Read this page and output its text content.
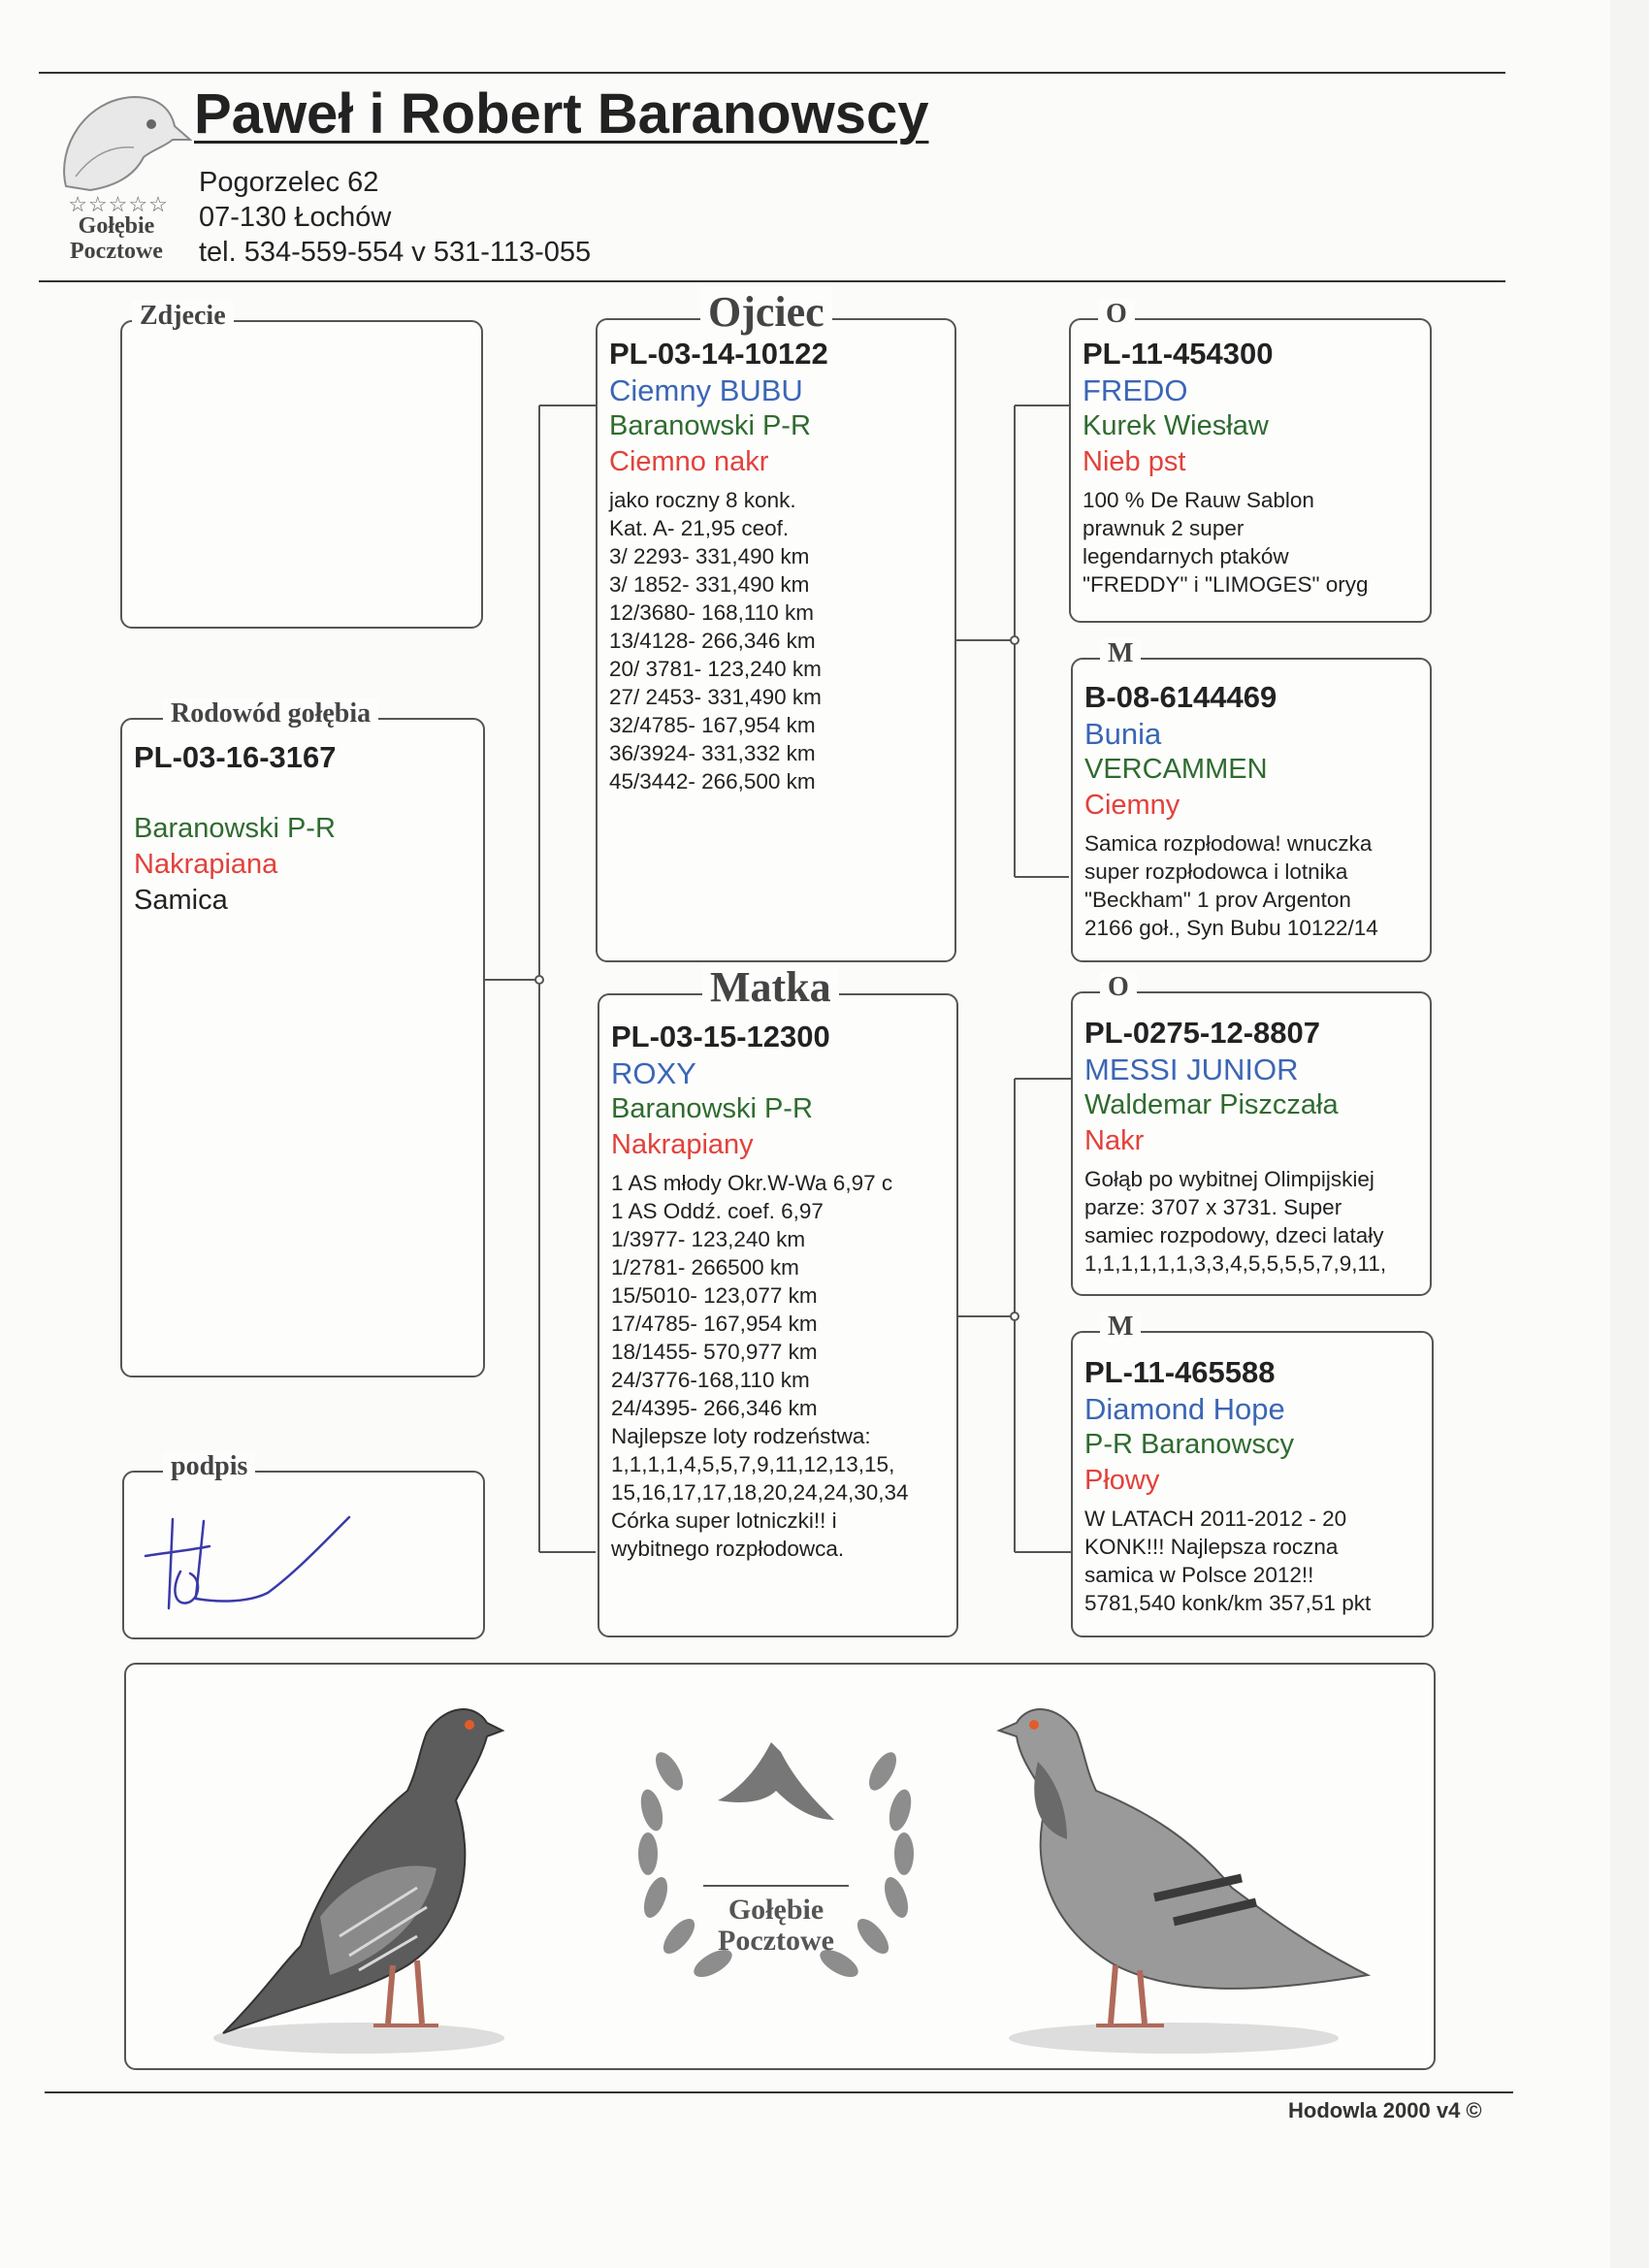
☆☆☆☆☆
Gołębie
Pocztowe
Paweł i Robert Baranowscy
Pogorzelec 62
07-130 Łochów
tel. 534-559-554 v 531-113-055
Zdjecie
Rodowód gołębia
PL-03-16-3167
Baranowski P-R
Nakrapiana
Samica
podpis
Ojciec
PL-03-14-10122
Ciemny BUBU
Baranowski P-R
Ciemno nakr
jako roczny 8 konk.
Kat. A- 21,95 ceof.
3/ 2293- 331,490 km
3/ 1852- 331,490 km
12/3680- 168,110 km
13/4128- 266,346 km
20/ 3781- 123,240 km
27/ 2453- 331,490 km
32/4785- 167,954 km
36/3924- 331,332 km
45/3442- 266,500 km
Matka
PL-03-15-12300
ROXY
Baranowski P-R
Nakrapiany
1 AS młody Okr.W-Wa 6,97 c
1 AS Oddź. coef. 6,97
1/3977- 123,240 km
1/2781- 266500 km
15/5010- 123,077 km
17/4785- 167,954 km
18/1455- 570,977 km
24/3776-168,110 km
24/4395- 266,346 km
Najlepsze loty rodzeństwa:
1,1,1,1,4,5,5,7,9,11,12,13,15,
15,16,17,17,18,20,24,24,30,34
Córka super lotniczki!! i
wybitnego rozpłodowca.
O
PL-11-454300
FREDO
Kurek Wiesław
Nieb pst
100 % De Rauw Sablon
prawnuk 2 super
legendarnych ptaków
"FREDDY" i "LIMOGES" oryg
M
B-08-6144469
Bunia
VERCAMMEN
Ciemny
Samica rozpłodowa! wnuczka
super rozpłodowca i lotnika
"Beckham" 1 prov Argenton
2166 goł., Syn Bubu 10122/14
O
PL-0275-12-8807
MESSI JUNIOR
Waldemar Piszczała
Nakr
Gołąb po wybitnej Olimpijskiej
parze: 3707 x 3731. Super
samiec rozpodowy, dzeci latały
1,1,1,1,1,1,3,3,4,5,5,5,5,7,9,11,
M
PL-11-465588
Diamond Hope
P-R Baranowscy
Płowy
W LATACH 2011-2012 - 20
KONK!!! Najlepsza roczna
samica w Polsce 2012!!
5781,540 konk/km 357,51 pkt
Gołębie
Pocztowe
Hodowla 2000 v4 ©
